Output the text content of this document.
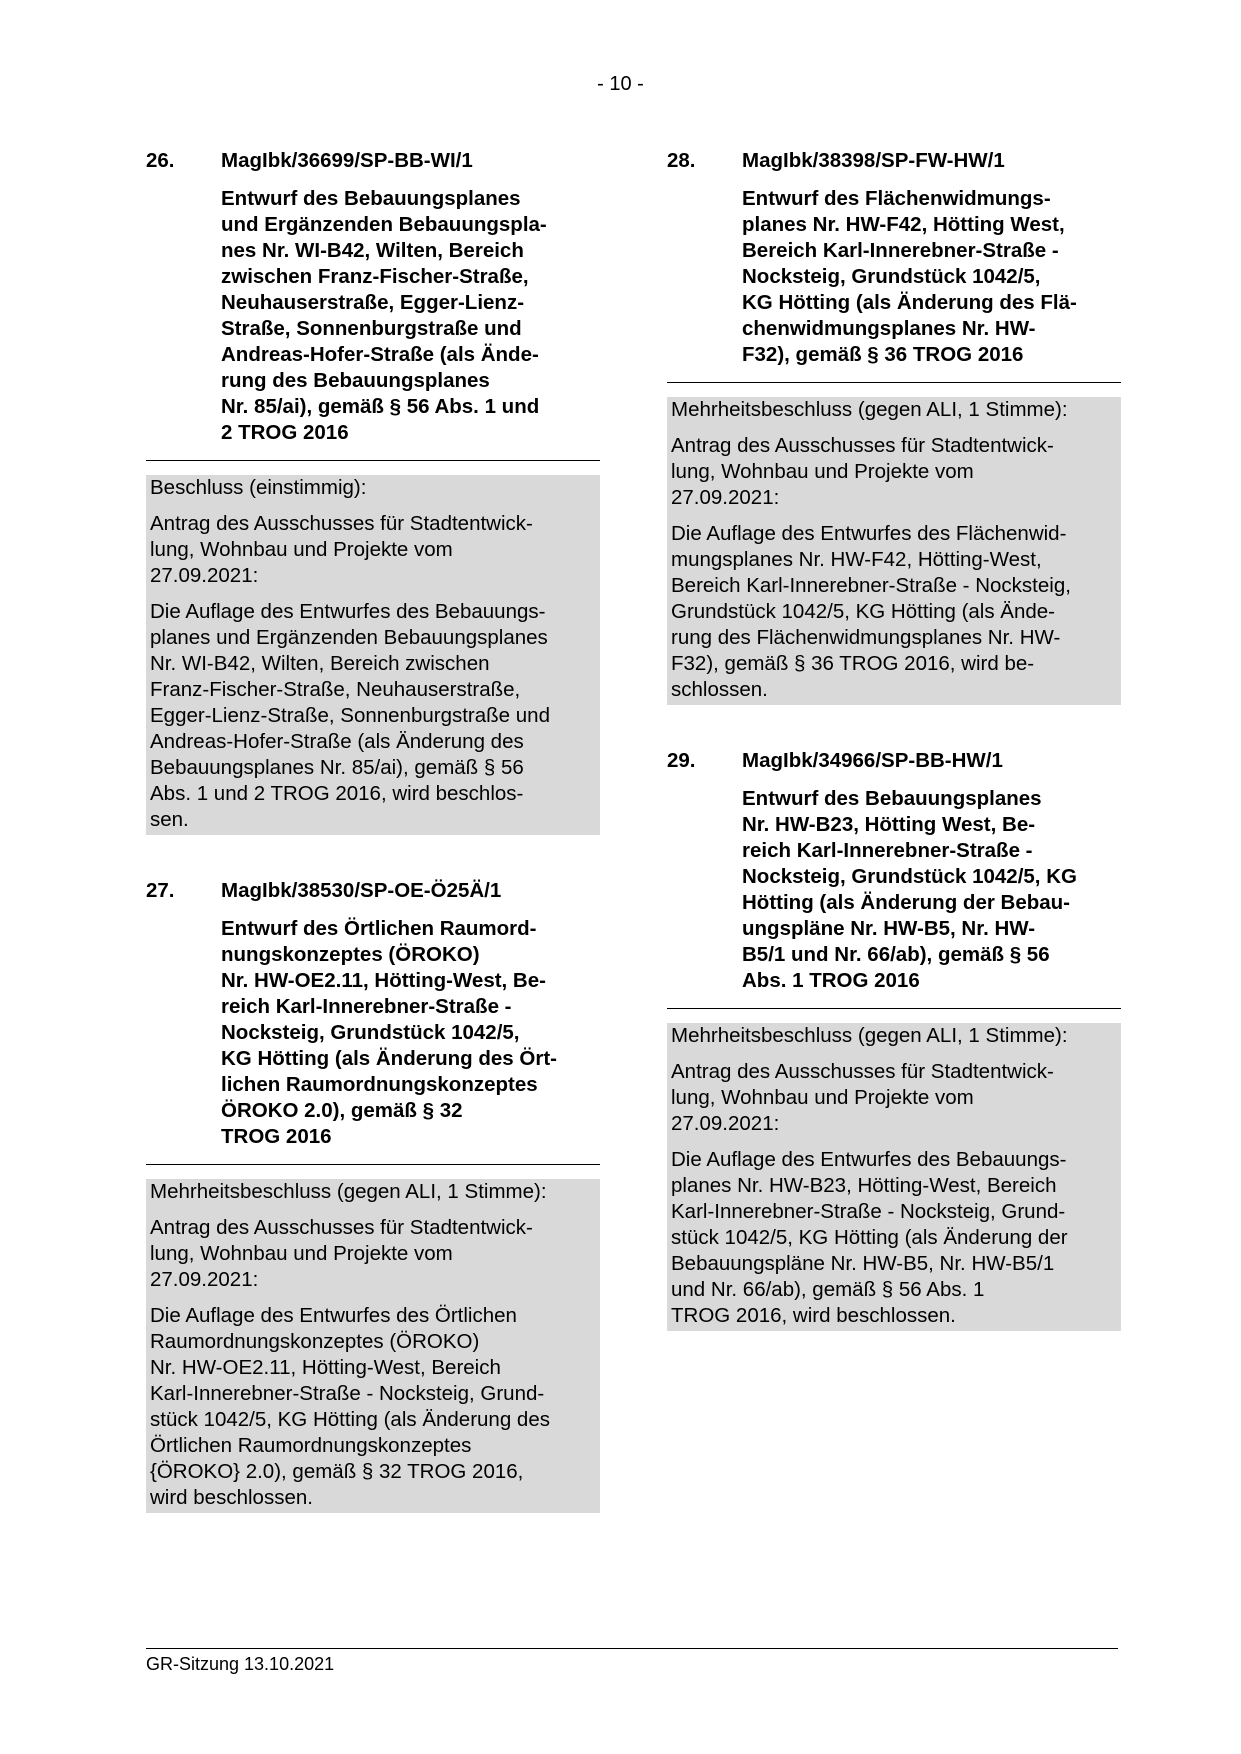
- 10 -
26.	MagIbk/36699/SP-BB-WI/1
Entwurf des Bebauungsplanes
und Ergänzenden Bebauungspla-
nes Nr. WI-B42, Wilten, Bereich
zwischen Franz-Fischer-Straße,
Neuhauserstraße, Egger-Lienz-
Straße, Sonnenburgstraße und
Andreas-Hofer-Straße (als Ände-
rung des Bebauungsplanes
Nr. 85/ai), gemäß § 56 Abs. 1 und
2 TROG 2016

Beschluss (einstimmig):

Antrag des Ausschusses für Stadtentwick-
lung, Wohnbau und Projekte vom
27.09.2021:

Die Auflage des Entwurfes des Bebauungs-
planes und Ergänzenden Bebauungsplanes
Nr. WI-B42, Wilten, Bereich zwischen
Franz-Fischer-Straße, Neuhauserstraße,
Egger-Lienz-Straße, Sonnenburgstraße und
Andreas-Hofer-Straße (als Änderung des
Bebauungsplanes Nr. 85/ai), gemäß § 56
Abs. 1 und 2 TROG 2016, wird beschlos-
sen.

27.	MagIbk/38530/SP-OE-Ö25Ä/1
Entwurf des Örtlichen Raumord-
nungskonzeptes (ÖROKO)
Nr. HW-OE2.11, Hötting-West, Be-
reich Karl-Innerebner-Straße -
Nocksteig, Grundstück 1042/5,
KG Hötting (als Änderung des Ört-
lichen Raumordnungskonzeptes
ÖROKO 2.0), gemäß § 32
TROG 2016

Mehrheitsbeschluss (gegen ALI, 1 Stimme):

Antrag des Ausschusses für Stadtentwick-
lung, Wohnbau und Projekte vom
27.09.2021:

Die Auflage des Entwurfes des Örtlichen
Raumordnungskonzeptes (ÖROKO)
Nr. HW-OE2.11, Hötting-West, Bereich
Karl-Innerebner-Straße - Nocksteig, Grund-
stück 1042/5, KG Hötting (als Änderung des
Örtlichen Raumordnungskonzeptes
{ÖROKO} 2.0), gemäß § 32 TROG 2016,
wird beschlossen.

28.	MagIbk/38398/SP-FW-HW/1
Entwurf des Flächenwidmungs-
planes Nr. HW-F42, Hötting West,
Bereich Karl-Innerebner-Straße -
Nocksteig, Grundstück 1042/5,
KG Hötting (als Änderung des Flä-
chenwidmungsplanes Nr. HW-
F32), gemäß § 36 TROG 2016

Mehrheitsbeschluss (gegen ALI, 1 Stimme):

Antrag des Ausschusses für Stadtentwick-
lung, Wohnbau und Projekte vom
27.09.2021:

Die Auflage des Entwurfes des Flächenwid-
mungsplanes Nr. HW-F42, Hötting-West,
Bereich Karl-Innerebner-Straße - Nocksteig,
Grundstück 1042/5, KG Hötting (als Ände-
rung des Flächenwidmungsplanes Nr. HW-
F32), gemäß § 36 TROG 2016, wird be-
schlossen.

29.	MagIbk/34966/SP-BB-HW/1
Entwurf des Bebauungsplanes
Nr. HW-B23, Hötting West, Be-
reich Karl-Innerebner-Straße -
Nocksteig, Grundstück 1042/5, KG
Hötting (als Änderung der Bebau-
ungspläne Nr. HW-B5, Nr. HW-
B5/1 und Nr. 66/ab), gemäß § 56
Abs. 1 TROG 2016

Mehrheitsbeschluss (gegen ALI, 1 Stimme):

Antrag des Ausschusses für Stadtentwick-
lung, Wohnbau und Projekte vom
27.09.2021:

Die Auflage des Entwurfes des Bebauungs-
planes Nr. HW-B23, Hötting-West, Bereich
Karl-Innerebner-Straße - Nocksteig, Grund-
stück 1042/5, KG Hötting (als Änderung der
Bebauungspläne Nr. HW-B5, Nr. HW-B5/1
und Nr. 66/ab), gemäß § 56 Abs. 1
TROG 2016, wird beschlossen.

GR-Sitzung 13.10.2021
